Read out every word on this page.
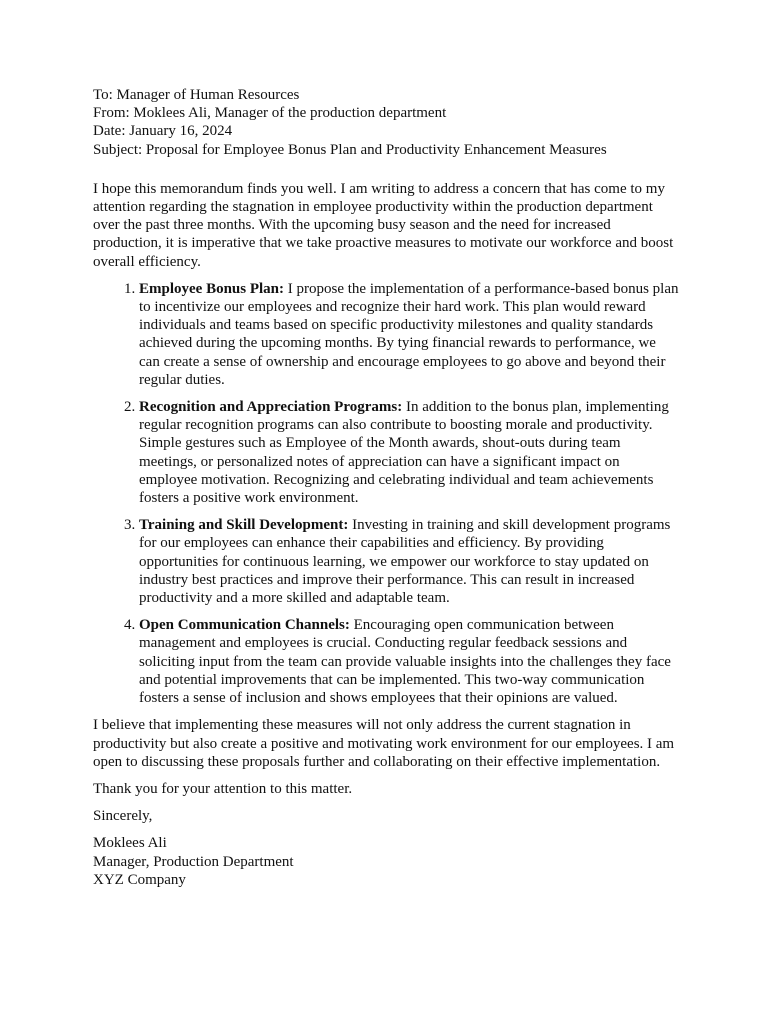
To: Manager of Human Resources

From: Moklees Ali, Manager of the production department

Date: January 16, 2024

Subject: Proposal for Employee Bonus Plan and Productivity Enhancement Measures

I hope this memorandum finds you well. I am writing to address a concern that has come to my attention regarding the stagnation in employee productivity within the production department over the past three months. With the upcoming busy season and the need for increased production, it is imperative that we take proactive measures to motivate our workforce and boost overall efficiency.

1. Employee Bonus Plan: I propose the implementation of a performance-based bonus plan to incentivize our employees and recognize their hard work. This plan would reward individuals and teams based on specific productivity milestones and quality standards achieved during the upcoming months. By tying financial rewards to performance, we can create a sense of ownership and encourage employees to go above and beyond their regular duties.
2. Recognition and Appreciation Programs: In addition to the bonus plan, implementing regular recognition programs can also contribute to boosting morale and productivity. Simple gestures such as Employee of the Month awards, shout-outs during team meetings, or personalized notes of appreciation can have a significant impact on employee motivation. Recognizing and celebrating individual and team achievements fosters a positive work environment.
3. Training and Skill Development: Investing in training and skill development programs for our employees can enhance their capabilities and efficiency. By providing opportunities for continuous learning, we empower our workforce to stay updated on industry best practices and improve their performance. This can result in increased productivity and a more skilled and adaptable team.
4. Open Communication Channels: Encouraging open communication between management and employees is crucial. Conducting regular feedback sessions and soliciting input from the team can provide valuable insights into the challenges they face and potential improvements that can be implemented. This two-way communication fosters a sense of inclusion and shows employees that their opinions are valued.

I believe that implementing these measures will not only address the current stagnation in productivity but also create a positive and motivating work environment for our employees. I am open to discussing these proposals further and collaborating on their effective implementation.

Thank you for your attention to this matter.

Sincerely,

Moklees Ali

Manager, Production Department

XYZ Company
